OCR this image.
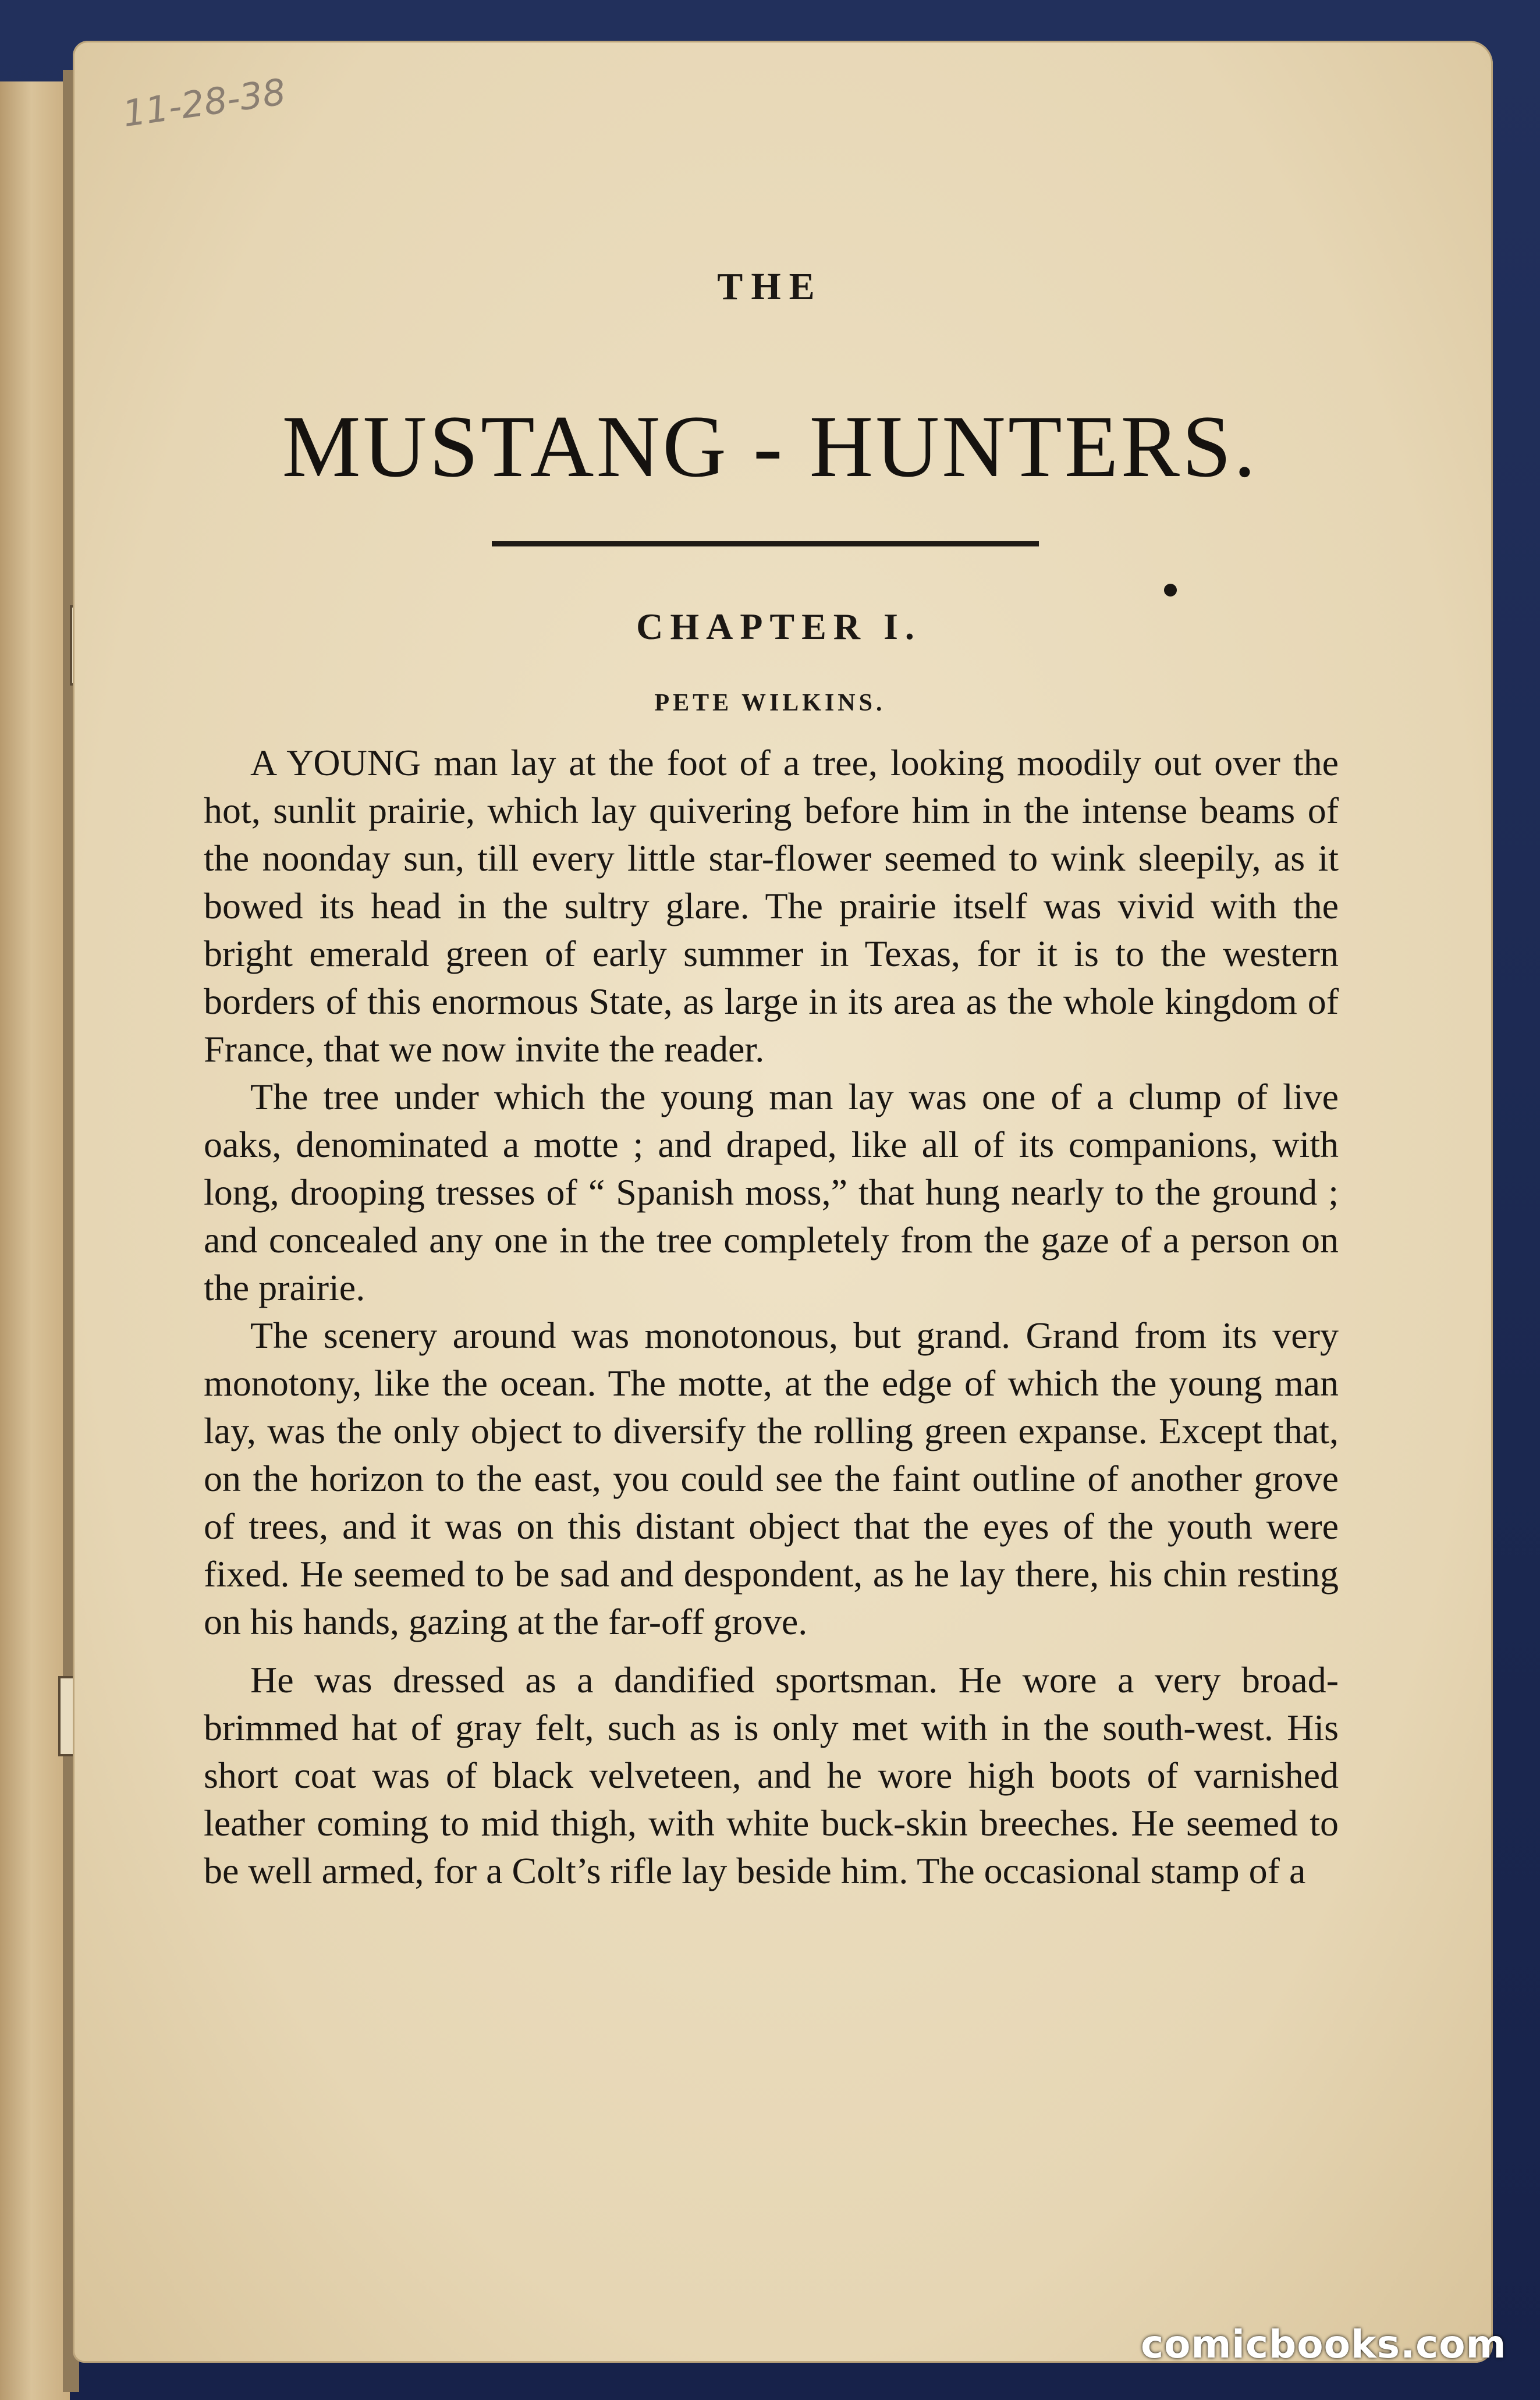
11-28-38
THE
MUSTANG - HUNTERS.
CHAPTER I.
PETE WILKINS.

A YOUNG man lay at the foot of a tree, looking moodily out over the hot, sunlit prairie, which lay quivering before him in the intense beams of the noonday sun, till every little star-flower seemed to wink sleepily, as it bowed its head in the sultry glare. The prairie itself was vivid with the bright emerald green of early summer in Texas, for it is to the western borders of this enormous State, as large in its area as the whole kingdom of France, that we now invite the reader.

The tree under which the young man lay was one of a clump of live oaks, denominated a motte ; and draped, like all of its companions, with long, drooping tresses of “ Spanish moss,” that hung nearly to the ground ; and concealed any one in the tree completely from the gaze of a person on the prairie.

The scenery around was monotonous, but grand. Grand from its very monotony, like the ocean. The motte, at the edge of which the young man lay, was the only object to diversify the rolling green expanse. Except that, on the horizon to the east, you could see the faint outline of another grove of trees, and it was on this distant object that the eyes of the youth were fixed. He seemed to be sad and despondent, as he lay there, his chin resting on his hands, gazing at the far-off grove.

He was dressed as a dandified sportsman. He wore a very broad-brimmed hat of gray felt, such as is only met with in the south-west. His short coat was of black velveteen, and he wore high boots of varnished leather coming to mid thigh, with white buck-skin breeches. He seemed to be well armed, for a Colt’s rifle lay beside him. The occasional stamp of a

comicbooks.com
